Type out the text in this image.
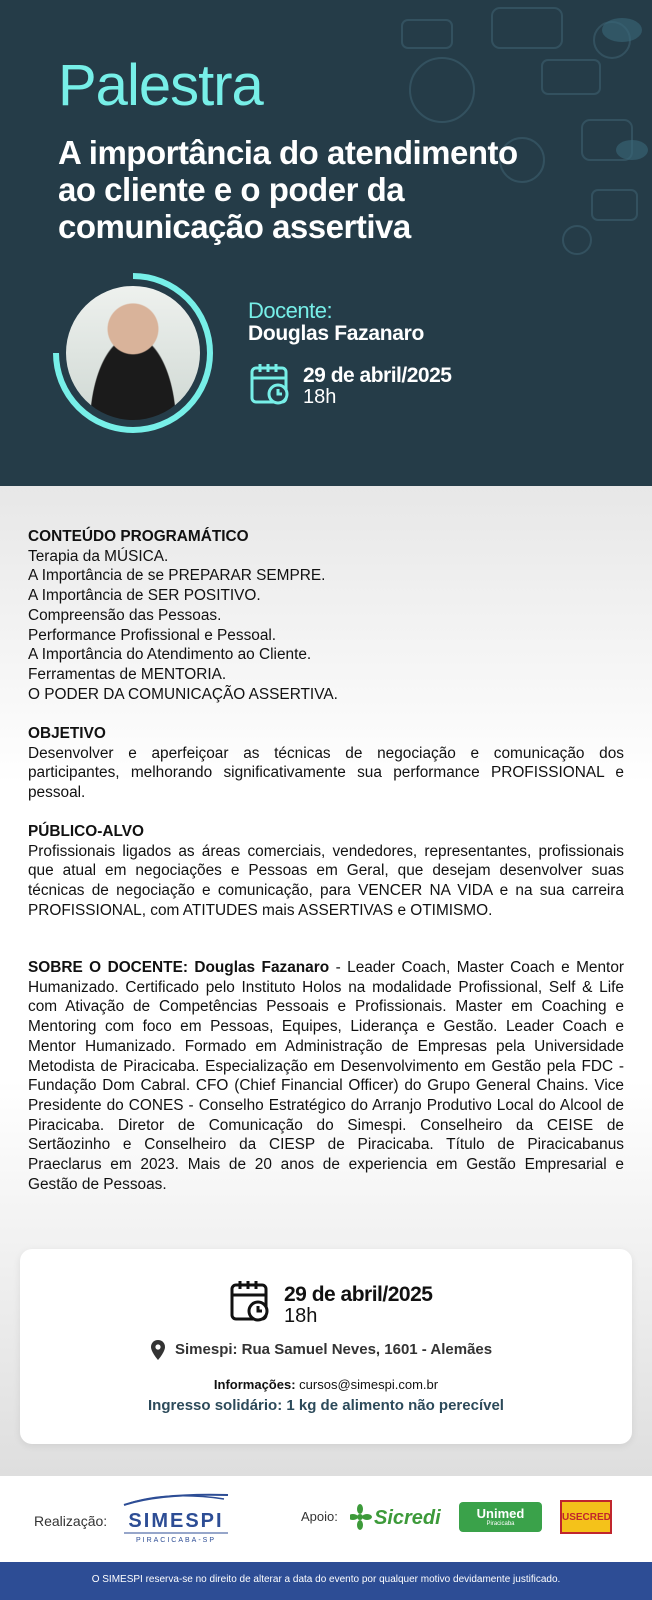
Palestra
A importância do atendimento
ao cliente e o poder da
comunicação assertiva
Docente:
Douglas Fazanaro
29 de abril/2025
18h
CONTEÚDO PROGRAMÁTICO
Terapia da MÚSICA.
A Importância de se PREPARAR SEMPRE.
A Importância de SER POSITIVO.
Compreensão das Pessoas.
Performance Profissional e Pessoal.
A Importância do Atendimento ao Cliente.
Ferramentas de MENTORIA.
O PODER DA COMUNICAÇÃO ASSERTIVA.
OBJETIVO
Desenvolver e aperfeiçoar as técnicas de negociação e comunicação dos participantes, melhorando significativamente sua performance PROFISSIONAL e pessoal.
PÚBLICO-ALVO
Profissionais ligados as áreas comerciais, vendedores, representantes, profissionais que atual em negociações e Pessoas em Geral, que desejam desenvolver suas técnicas de negociação e comunicação, para VENCER NA VIDA e na sua carreira PROFISSIONAL, com ATITUDES mais ASSERTIVAS e OTIMISMO.
SOBRE O DOCENTE: Douglas Fazanaro - Leader Coach, Master Coach e Mentor Humanizado. Certificado pelo Instituto Holos na modalidade Profissional, Self & Life com Ativação de Competências Pessoais e Profissionais. Master em Coaching e Mentoring com foco em Pessoas, Equipes, Liderança e Gestão. Leader Coach e Mentor Humanizado. Formado em Administração de Empresas pela Universidade Metodista de Piracicaba. Especialização em Desenvolvimento em Gestão pela FDC - Fundação Dom Cabral. CFO (Chief Financial Officer) do Grupo General Chains. Vice Presidente do CONES - Conselho Estratégico do Arranjo Produtivo Local do Alcool de Piracicaba. Diretor de Comunicação do Simespi. Conselheiro da CEISE de Sertãozinho e Conselheiro da CIESP de Piracicaba. Título de Piracicabanus Praeclarus em 2023. Mais de 20 anos de experiencia em Gestão Empresarial e Gestão de Pessoas.
29 de abril/2025
18h
Simespi: Rua Samuel Neves, 1601 - Alemães
Informações: cursos@simespi.com.br
Ingresso solidário: 1 kg de alimento não perecível
Realização: SIMESPI
PIRACICABA-SP
Apoio: Sicredi	Unimed
Piracicaba
USECRED

O SIMESPI reserva-se no direito de alterar a data do evento por qualquer motivo devidamente justificado.
